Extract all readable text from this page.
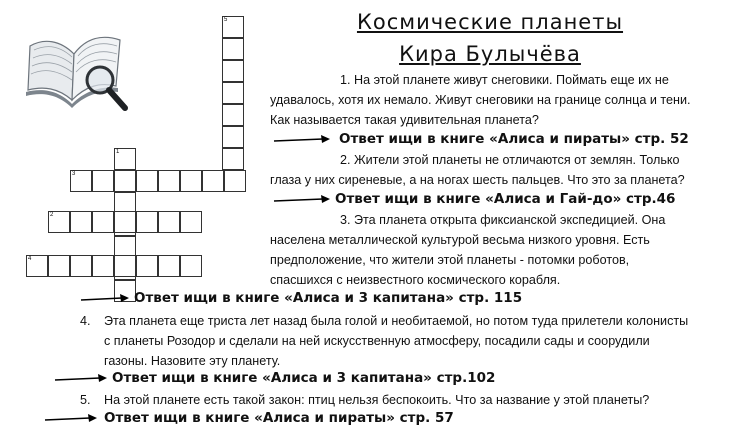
1
2
3
4
5	Космические планеты
Кира Булычёва
1. На этой планете живут снеговики. Поймать еще их не
удавалось, хотя их немало. Живут снеговики на границе солнца и тени.
Как называется такая удивительная планета?
Ответ ищи в книге «Алиса и пираты» стр. 52
2. Жители этой планеты не отличаются от землян. Только
глаза у них сиреневые, а на ногах шесть пальцев. Что это за планета?
Ответ ищи в книге «Алиса и Гай-до» стр.46
3. Эта планета открыта фиксианской экспедицией. Она
населена металлической культурой весьма низкого уровня. Есть
предположение, что жители этой планеты - потомки роботов,
спасшихся с неизвестного космического корабля.
Ответ ищи в книге «Алиса и 3 капитана» стр. 115
4. Эта планета еще триста лет назад была голой и необитаемой, но потом туда прилетели колонисты
с планеты Розодор и сделали на ней искусственную атмосферу, посадили сады и соорудили
газоны. Назовите эту планету.
Ответ ищи в книге «Алиса и 3 капитана» стр.102
5. На этой планете есть такой закон: птиц нельзя беспокоить. Что за название у этой планеты?
Ответ ищи в книге «Алиса и пираты» стр. 57
